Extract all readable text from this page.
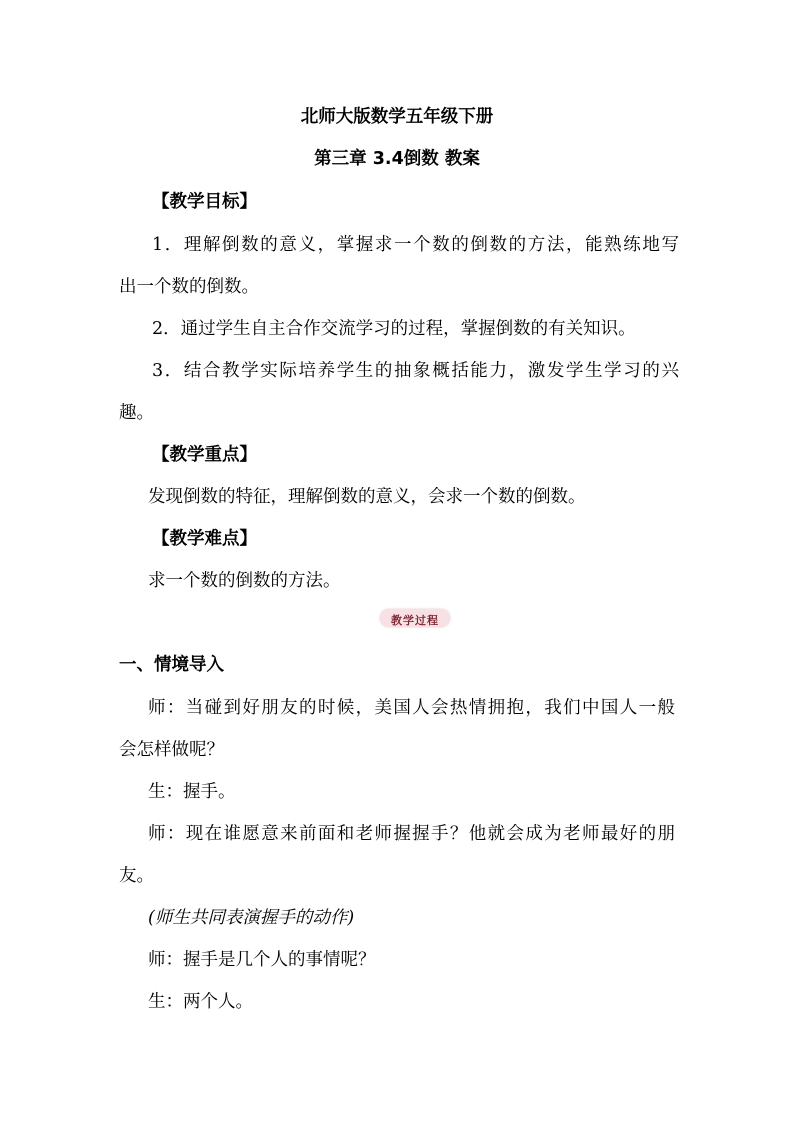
北师大版数学五年级下册
第三章 3.4倒数 教案
【教学目标】
1．理解倒数的意义，掌握求一个数的倒数的方法，能熟练地写
出一个数的倒数。
2．通过学生自主合作交流学习的过程，掌握倒数的有关知识。
3．结合教学实际培养学生的抽象概括能力，激发学生学习的兴
趣。
【教学重点】
发现倒数的特征，理解倒数的意义，会求一个数的倒数。
【教学难点】
求一个数的倒数的方法。
教学过程
一、情境导入
师：当碰到好朋友的时候，美国人会热情拥抱，我们中国人一般
会怎样做呢？
生：握手。
师：现在谁愿意来前面和老师握握手？他就会成为老师最好的朋
友。
(师生共同表演握手的动作)
师：握手是几个人的事情呢？
生：两个人。
